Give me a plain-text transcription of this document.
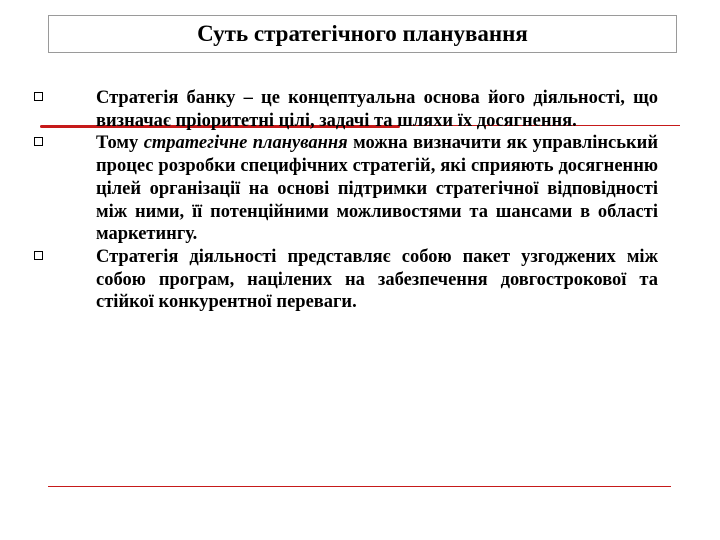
Суть стратегічного планування

Стратегія банку – це концептуальна основа його діяльності, що визначає пріоритетні цілі, задачі та шляхи їх досягнення.

Тому стратегічне планування можна визначити як управлінський процес розробки специфічних стратегій, які сприяють досягненню цілей організації на основі підтримки стратегічної відповідності між ними, її потенційними можливостями та шансами в області маркетингу.

Стратегія діяльності представляє собою пакет узгоджених між собою програм, націлених на забезпечення довгострокової та стійкої конкурентної переваги.
